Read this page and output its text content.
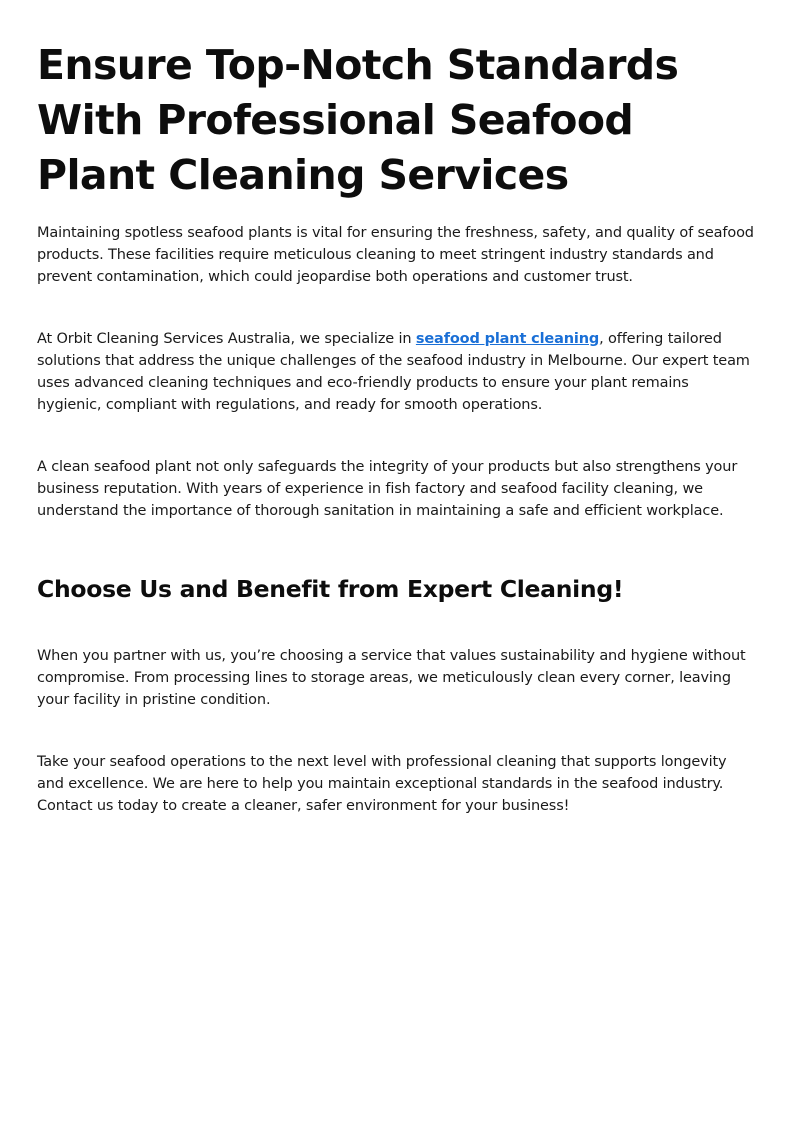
Ensure Top-Notch Standards With Professional Seafood Plant Cleaning Services

Maintaining spotless seafood plants is vital for ensuring the freshness, safety, and quality of seafood products. These facilities require meticulous cleaning to meet stringent industry standards and prevent contamination, which could jeopardise both operations and customer trust.

At Orbit Cleaning Services Australia, we specialize in seafood plant cleaning, offering tailored solutions that address the unique challenges of the seafood industry in Melbourne. Our expert team uses advanced cleaning techniques and eco-friendly products to ensure your plant remains hygienic, compliant with regulations, and ready for smooth operations.

A clean seafood plant not only safeguards the integrity of your products but also strengthens your business reputation. With years of experience in fish factory and seafood facility cleaning, we understand the importance of thorough sanitation in maintaining a safe and efficient workplace.

Choose Us and Benefit from Expert Cleaning!

When you partner with us, you’re choosing a service that values sustainability and hygiene without compromise. From processing lines to storage areas, we meticulously clean every corner, leaving your facility in pristine condition.

Take your seafood operations to the next level with professional cleaning that supports longevity and excellence. We are here to help you maintain exceptional standards in the seafood industry. Contact us today to create a cleaner, safer environment for your business!
